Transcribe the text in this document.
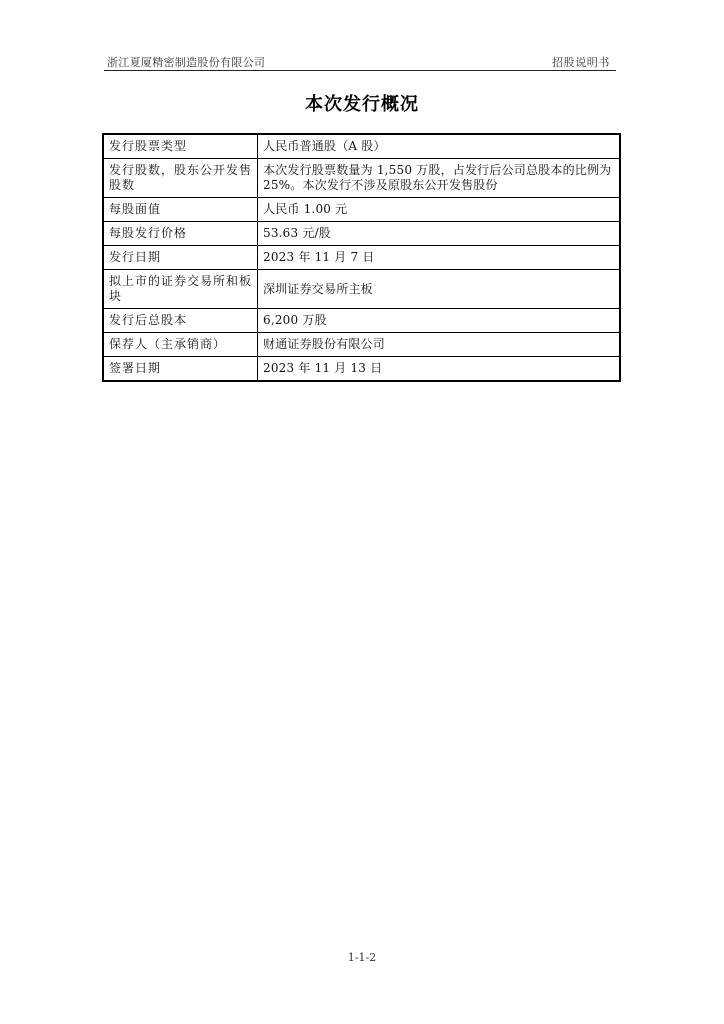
浙江夏厦精密制造股份有限公司	招股说明书
本次发行概况
发行股票类型	人民币普通股（A 股）
发行股数，股东公开发售股数	本次发行股票数量为 1,550 万股，占发行后公司总股本的比例为 25%。本次发行不涉及原股东公开发售股份
每股面值	人民币 1.00 元
每股发行价格	53.63 元/股
发行日期	2023 年 11 月 7 日
拟上市的证券交易所和板块	深圳证券交易所主板
发行后总股本	6,200 万股
保荐人（主承销商）	财通证券股份有限公司
签署日期	2023 年 11 月 13 日
1-1-2
